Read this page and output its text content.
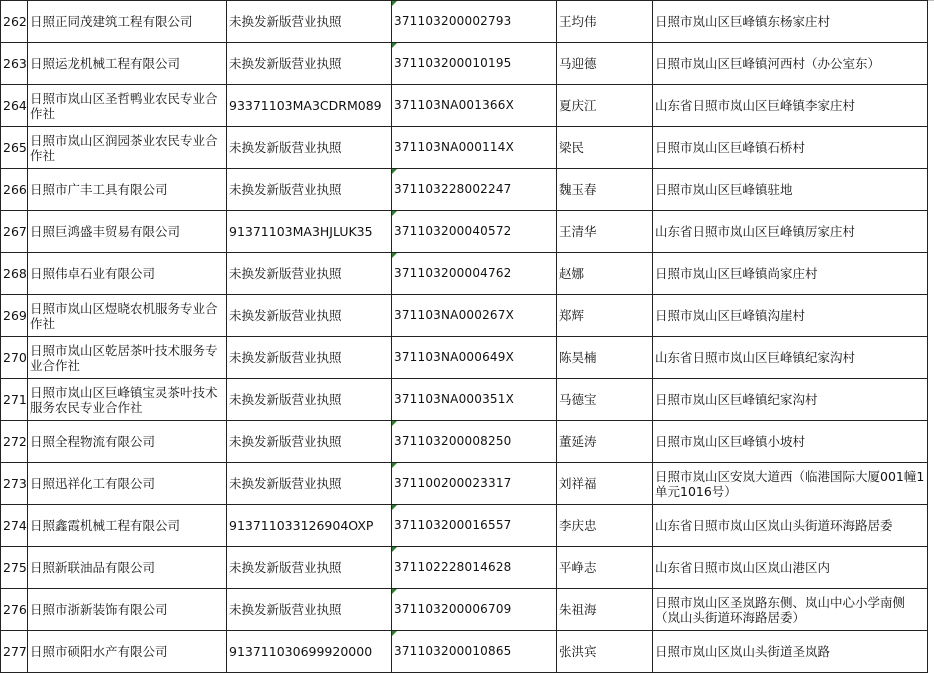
262	日照正同茂建筑工程有限公司	未换发新版营业执照	371103200002793	王均伟	日照市岚山区巨峰镇东杨家庄村
263	日照运龙机械工程有限公司	未换发新版营业执照	371103200010195	马迎德	日照市岚山区巨峰镇河西村（办公室东）
264	日照市岚山区圣哲鸭业农民专业合作社	93371103MA3CDRM089	371103NA001366X	夏庆江	山东省日照市岚山区巨峰镇李家庄村
265	日照市岚山区润园茶业农民专业合作社	未换发新版营业执照	371103NA000114X	梁民	日照市岚山区巨峰镇石桥村
266	日照市广丰工具有限公司	未换发新版营业执照	371103228002247	魏玉春	日照市岚山区巨峰镇驻地
267	日照巨鸿盛丰贸易有限公司	91371103MA3HJLUK35	371103200040572	王清华	山东省日照市岚山区巨峰镇厉家庄村
268	日照伟卓石业有限公司	未换发新版营业执照	371103200004762	赵娜	日照市岚山区巨峰镇尚家庄村
269	日照市岚山区煜晓农机服务专业合作社	未换发新版营业执照	371103NA000267X	郑辉	日照市岚山区巨峰镇沟崖村
270	日照市岚山区乾居茶叶技术服务专业合作社	未换发新版营业执照	371103NA000649X	陈昊楠	山东省日照市岚山区巨峰镇纪家沟村
271	日照市岚山区巨峰镇宝灵茶叶技术服务农民专业合作社	未换发新版营业执照	371103NA000351X	马德宝	日照市岚山区巨峰镇纪家沟村
272	日照全程物流有限公司	未换发新版营业执照	371103200008250	董延涛	日照市岚山区巨峰镇小坡村
273	日照迅祥化工有限公司	未换发新版营业执照	371100200023317	刘祥福	日照市岚山区安岚大道西（临港国际大厦001幢1单元1016号）
274	日照鑫霞机械工程有限公司	913711033126904OXP	371103200016557	李庆忠	山东省日照市岚山区岚山头街道环海路居委
275	日照新联油品有限公司	未换发新版营业执照	371102228014628	平峥志	山东省日照市岚山区岚山港区内
276	日照市浙新装饰有限公司	未换发新版营业执照	371103200006709	朱祖海	日照市岚山区圣岚路东侧、岚山中心小学南侧（岚山头街道环海路居委）
277	日照市硕阳水产有限公司	913711030699920000	371103200010865	张洪宾	日照市岚山区岚山头街道圣岚路
